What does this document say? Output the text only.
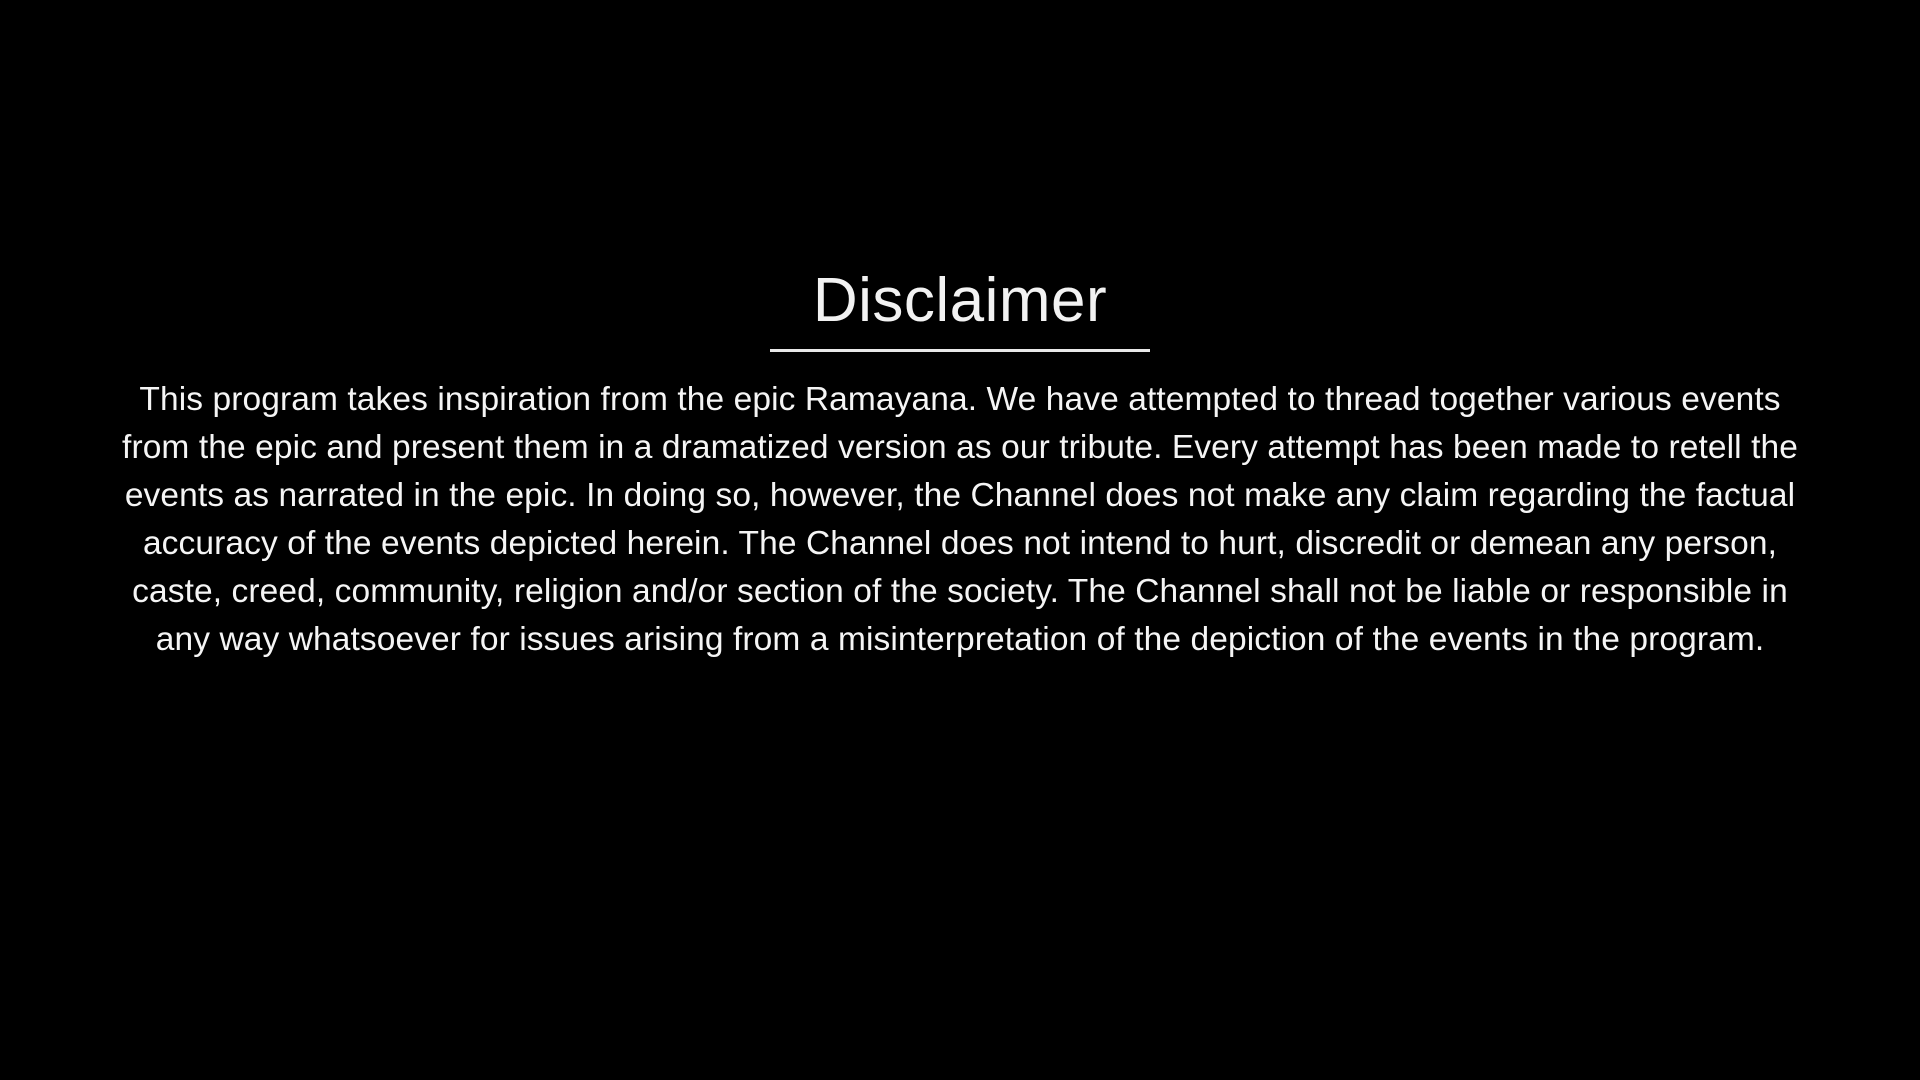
Disclaimer

This program takes inspiration from the epic Ramayana. We have attempted to thread together various events from the epic and present them in a dramatized version as our tribute. Every attempt has been made to retell the events as narrated in the epic. In doing so, however, the Channel does not make any claim regarding the factual accuracy of the events depicted herein. The Channel does not intend to hurt, discredit or demean any person, caste, creed, community, religion and/or section of the society. The Channel shall not be liable or responsible in any way whatsoever for issues arising from a misinterpretation of the depiction of the events in the program.
